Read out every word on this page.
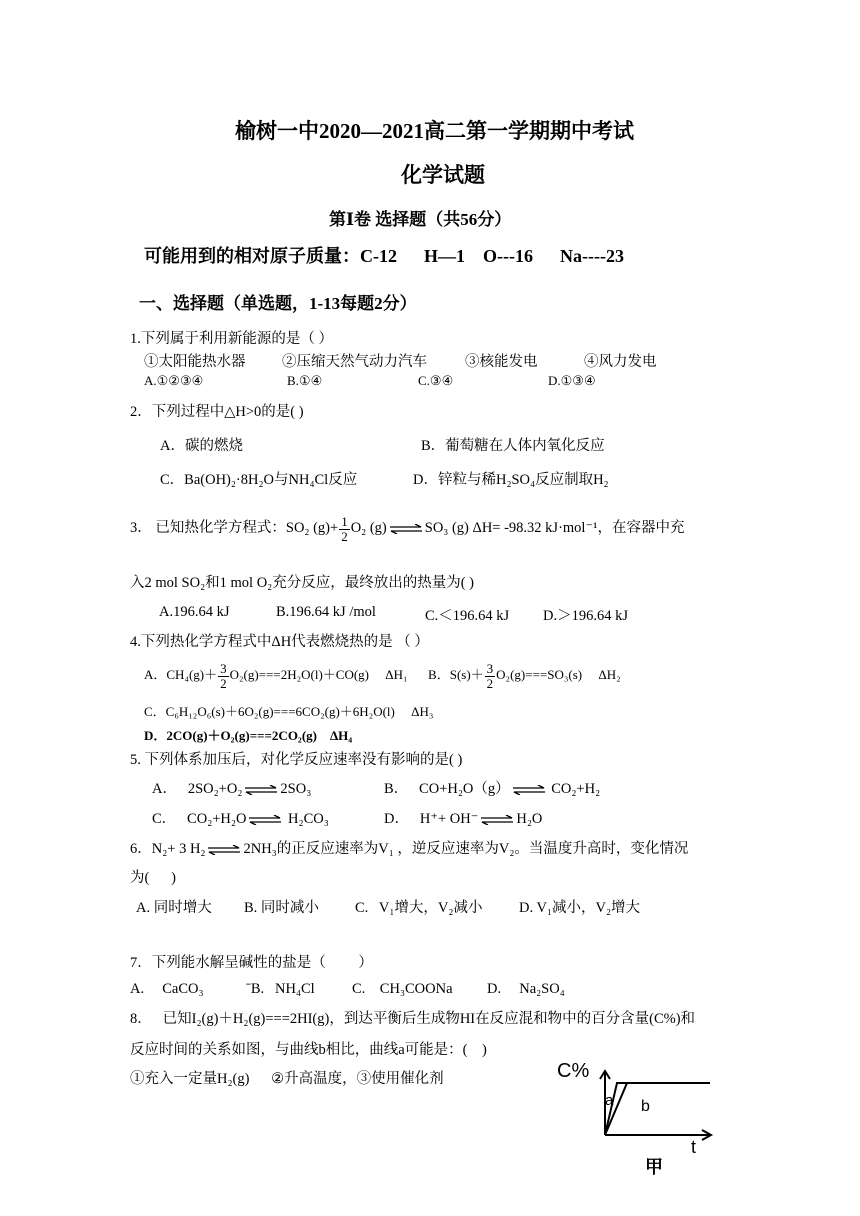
榆树一中2020—2021高二第一学期期中考试
化学试题
第Ⅰ卷 选择题（共56分）
可能用到的相对原子质量：C-12      H—1    O---16      Na----23
一、选择题（单选题，1-13每题2分）
1.下列属于利用新能源的是（ ）
①太阳能热水器	②压缩天然气动力汽车	③核能发电	④风力发电
A.①②③④	B.①④	C.③④	D.①③④
2．下列过程中△H>0的是( )
A．碳的燃烧	B．葡萄糖在人体内氧化反应
C．Ba(OH)₂·8H₂O与NH₄Cl反应	D．锌粒与稀H₂SO₄反应制取H₂
3． 已知热化学方程式：SO₂ $(g)+ \frac{1}{2} O_2$ (g) ⇌ SO₃ (g) ΔH= -98.32 kJ·mol⁻¹，在容器中充
入2 mol SO₂和1 mol O₂充分反应，最终放出的热量为( )
A.196.64 kJ	B.196.64 kJ /mol	C.＜196.64 kJ D.＞196.64 kJ
4.下列热化学方程式中ΔH代表燃烧热的是 （ ）
A．$CH_4(g)+ \frac{3}{2} O_2(g)===2H_2O(l)+CO(g)$     ΔH₁ B．$S(s)+ \frac{3}{2} O_2(g)===SO_3(s)$     ΔH₂
C．C₆H₁₂O₆(s)＋6O₂(g)===6CO₂(g)＋6H₂O(l)     ΔH₃
D．2CO(g)＋O₂(g)===2CO₂(g)    ΔH₄
5. 下列体系加压后，对化学反应速率没有影响的是( )
A．   2SO₂+O₂ ⇌ 2SO₃	B．   CO+H₂O（g） ⇌ CO₂+H₂
C．   CO₂+H₂O ⇌ H₂CO₃	D．   H⁺+ OH⁻ ⇌ H₂O
6．N₂+ 3 H₂ ⇌ 2NH₃的正反应速率为V₁ ，逆反应速率为V₂。当温度升高时，变化情况
为(      )
A. 同时增大 B. 同时减小 C.   V₁增大，V₂减小	D. V₁减小，V₂增大
7．下列能水解呈碱性的盐是（         ）
A.     CaCO₃	ˉB.   NH₄Cl	C.    CH₃COONa D.     Na₂SO₄
8．   已知I₂(g)＋H₂(g)===2HI(g)，到达平衡后生成物HI在反应混和物中的百分含量(C%)和
反应时间的关系如图，与曲线b相比，曲线a可能是：(    )
①充入一定量H₂(g)      ②升高温度，③使用催化剂	C%
a b
t
甲
